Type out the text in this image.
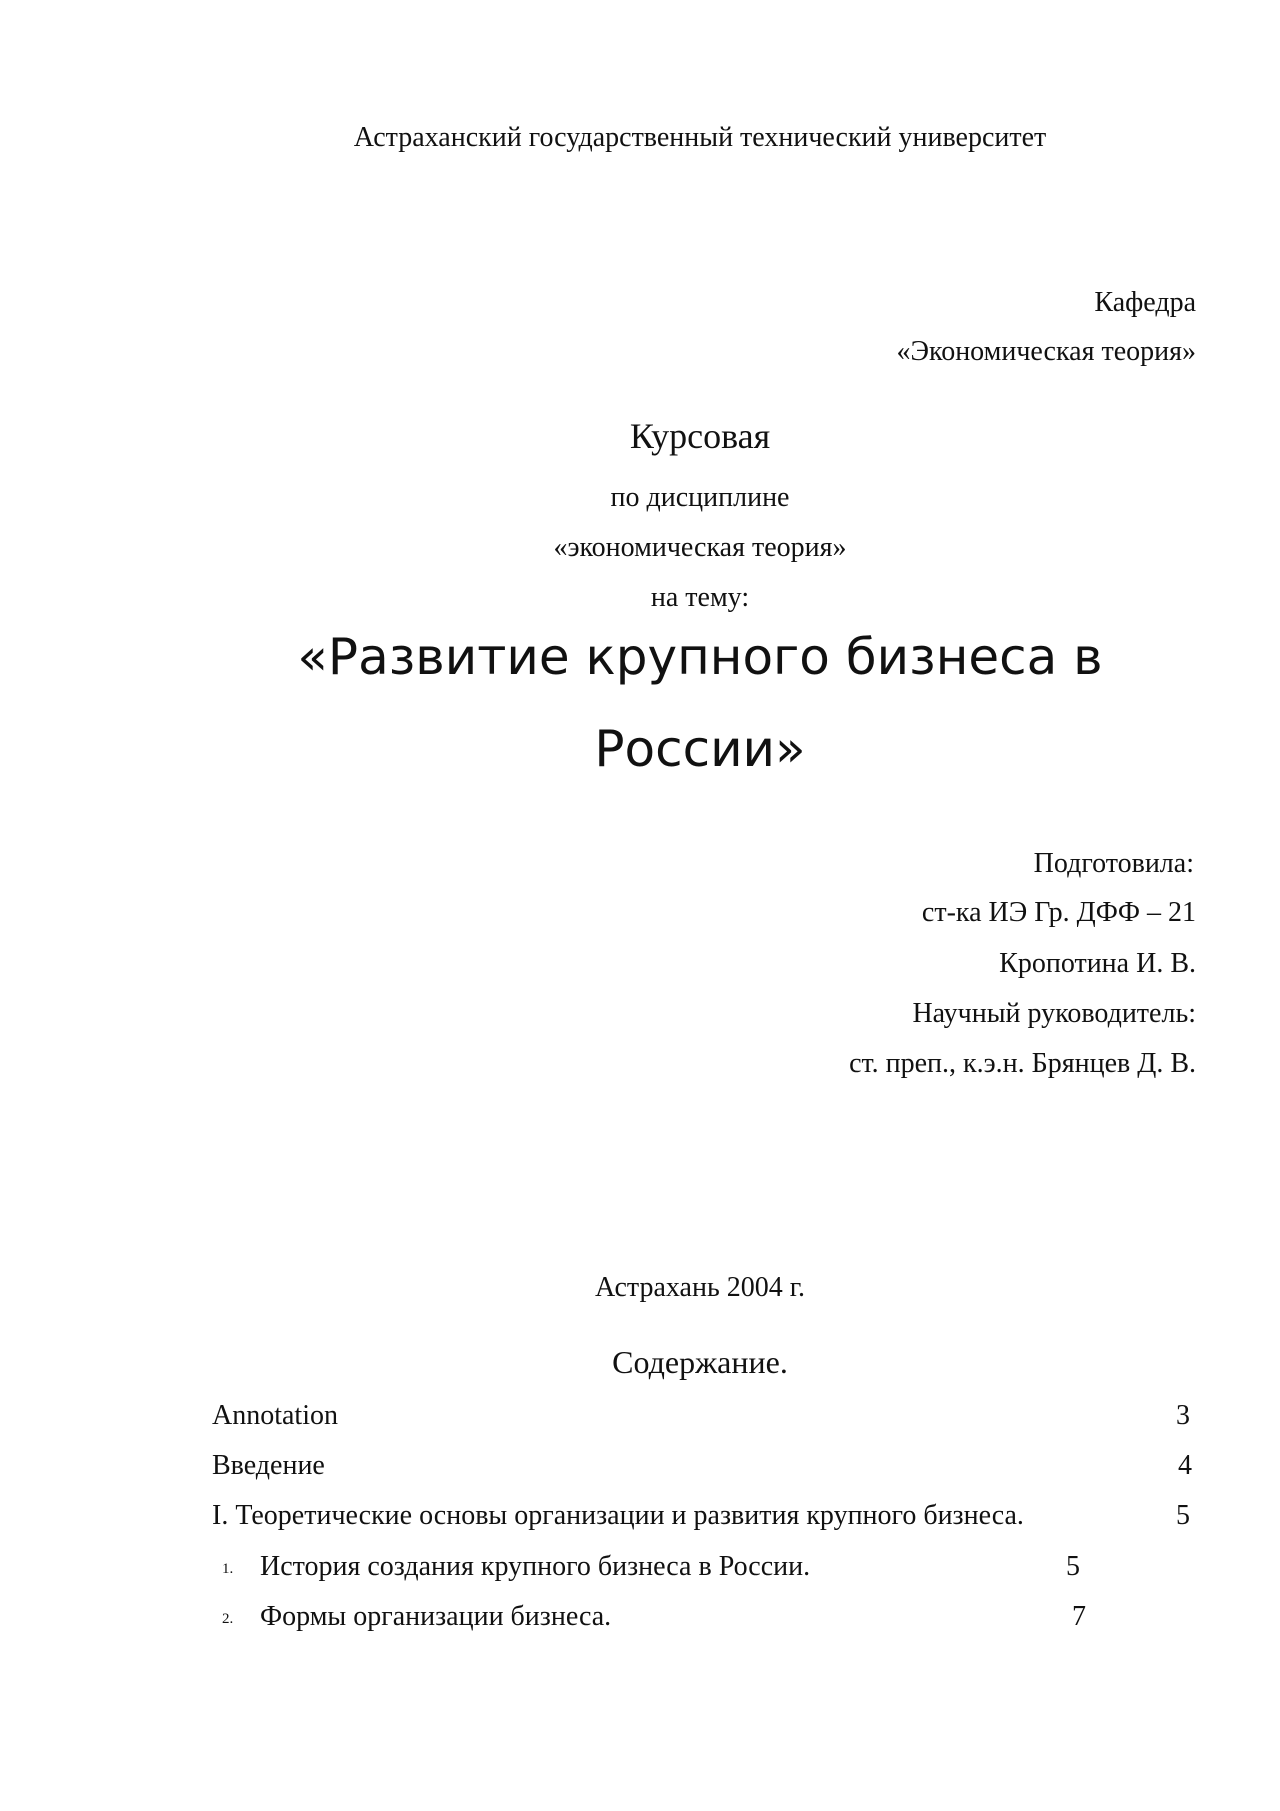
Астраханский государственный технический университет
Кафедра
«Экономическая теория»
Курсовая
по дисциплине
«экономическая теория»
на тему:
«Развитие крупного бизнеса в
России»
Подготовила:
ст-ка ИЭ Гр. ДФФ – 21
Кропотина И. В.
Научный руководитель:
ст. преп., к.э.н. Брянцев Д. В.
Астрахань 2004 г.
Содержание.
Annotation	3
Введение	4
I. Теоретические основы организации и развития крупного бизнеса.	5
1. История создания крупного бизнеса в России.	5
2. Формы организации бизнеса.	7
